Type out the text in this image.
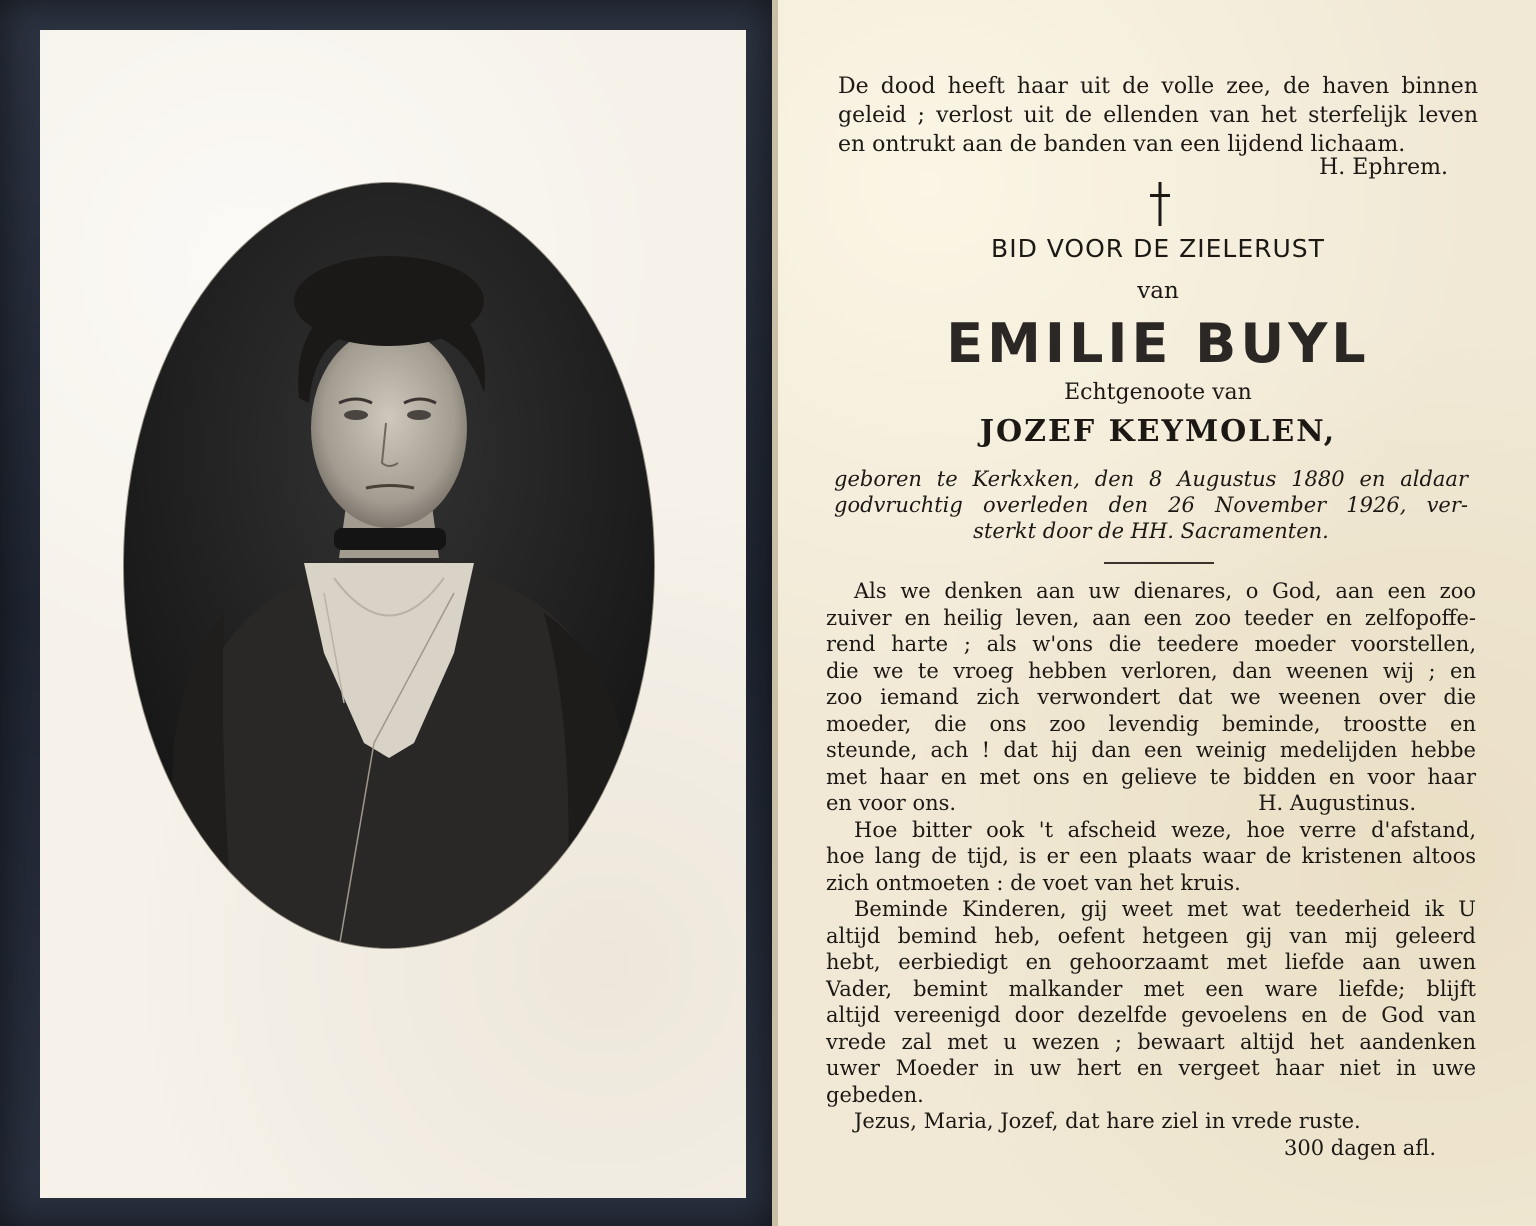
De dood heeft haar uit de volle zee, de haven binnen
geleid ; verlost uit de ellenden van het sterfelijk leven
en ontrukt aan de banden van een lijdend lichaam.
H. Ephrem.
BID VOOR DE ZIELERUST
van
EMILIE BUYL
Echtgenoote van
JOZEF KEYMOLEN,

geboren te Kerkxken, den 8 Augustus 1880 en aldaar

godvruchtig overleden den 26 November 1926, ver-

sterkt door de HH. Sacramenten.

Als we denken aan uw dienares, o God, aan een zoo

zuiver en heilig leven, aan een zoo teeder en zelfopoffe-

rend harte ; als w'ons die teedere moeder voorstellen,

die we te vroeg hebben verloren, dan weenen wij ; en

zoo iemand zich verwondert dat we weenen over die

moeder, die ons zoo levendig beminde, troostte en

steunde, ach ! dat hij dan een weinig medelijden hebbe

met haar en met ons en gelieve te bidden en voor haar

en voor ons.	H. Augustinus.

Hoe bitter ook 't afscheid weze, hoe verre d'afstand,

hoe lang de tijd, is er een plaats waar de kristenen altoos

zich ontmoeten : de voet van het kruis.

Beminde Kinderen, gij weet met wat teederheid ik U

altijd bemind heb, oefent hetgeen gij van mij geleerd

hebt, eerbiedigt en gehoorzaamt met liefde aan uwen

Vader, bemint malkander met een ware liefde; blijft

altijd vereenigd door dezelfde gevoelens en de God van

vrede zal met u wezen ; bewaart altijd het aandenken

uwer Moeder in uw hert en vergeet haar niet in uwe

gebeden.

Jezus, Maria, Jozef, dat hare ziel in vrede ruste.

300 dagen afl.
